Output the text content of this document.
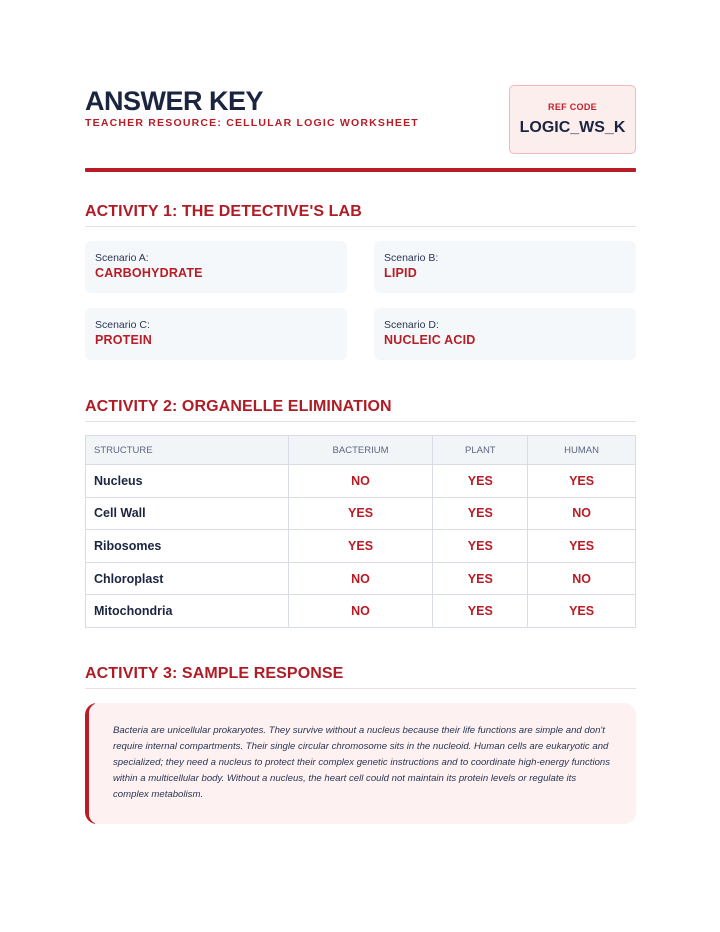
ANSWER KEY
TEACHER RESOURCE: CELLULAR LOGIC WORKSHEET
REF CODE
LOGIC_WS_K
ACTIVITY 1: THE DETECTIVE'S LAB
Scenario A:
CARBOHYDRATE
Scenario B:
LIPID
Scenario C:
PROTEIN
Scenario D:
NUCLEIC ACID
ACTIVITY 2: ORGANELLE ELIMINATION
STRUCTURE	BACTERIUM	PLANT	HUMAN
Nucleus	NO	YES	YES
Cell Wall	YES	YES	NO
Ribosomes	YES	YES	YES
Chloroplast	NO	YES	NO
Mitochondria	NO	YES	YES
ACTIVITY 3: SAMPLE RESPONSE
Bacteria are unicellular prokaryotes. They survive without a nucleus because their life functions are simple and don't require internal compartments. Their single circular chromosome sits in the nucleoid. Human cells are eukaryotic and specialized; they need a nucleus to protect their complex genetic instructions and to coordinate high-energy functions within a multicellular body. Without a nucleus, the heart cell could not maintain its protein levels or regulate its complex metabolism.
